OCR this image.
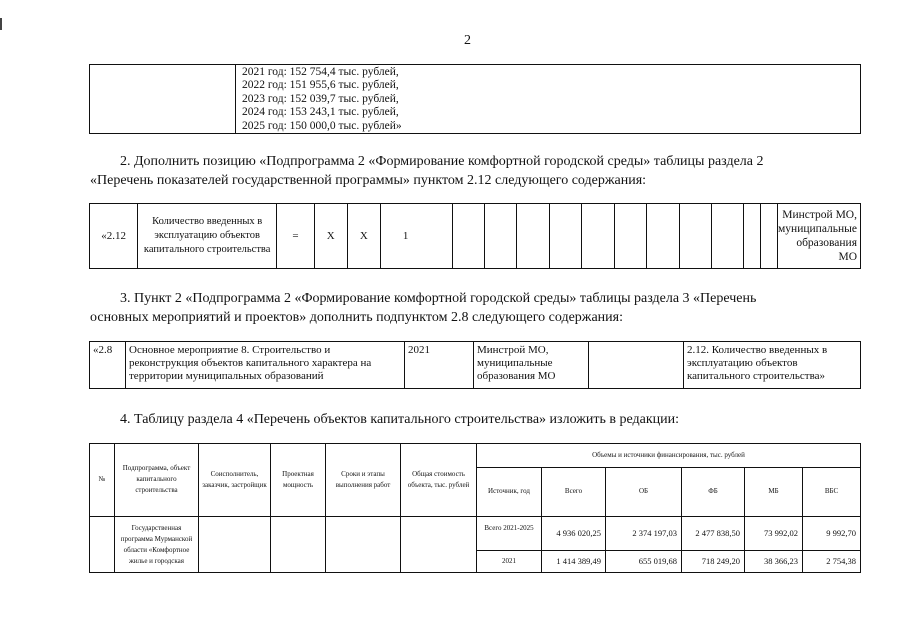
2

2021 год: 152 754,4 тыс. рублей,
2022 год: 151 955,6 тыс. рублей,
2023 год: 152 039,7 тыс. рублей,
2024 год: 153 243,1 тыс. рублей,
2025 год: 150 000,0 тыс. рублей»
2. Дополнить позицию «Подпрограмма 2 «Формирование комфортной городской среды» таблицы раздела 2
«Перечень показателей государственной программы» пунктом 2.12 следующего содержания:
«2.12	Количество введенных в эксплуатацию объектов капитального строительства	=	X	X	1												Минстрой МО, муниципальные образования МО
3. Пункт 2 «Подпрограмма 2 «Формирование комфортной городской среды» таблицы раздела 3 «Перечень
основных мероприятий и проектов» дополнить подпунктом 2.8 следующего содержания:
«2.8	Основное мероприятие 8. Строительство и реконструкция объектов капитального характера на территории муниципальных образований	2021	Минстрой МО, муниципальные образования МО		2.12. Количество введенных в эксплуатацию объектов капитального строительства»
4. Таблицу раздела 4 «Перечень объектов капитального строительства» изложить в редакции:
№	Подпрограмма, объект капитального строительства	Соисполнитель, заказчик, застройщик	Проектная мощность	Сроки и этапы выполнения работ	Общая стоимость объекта, тыс. рублей	Объемы и источники финансирования, тыс. рублей					
						Источник, год	Всего	ОБ	ФБ	МБ	ВБС
	Государственная программа Мурманской области «Комфортное жилье и городская					Всего 2021-2025	4 936 020,25	2 374 197,03	2 477 838,50	73 992,02	9 992,70
						2021	1 414 389,49	655 019,68	718 249,20	38 366,23	2 754,38
